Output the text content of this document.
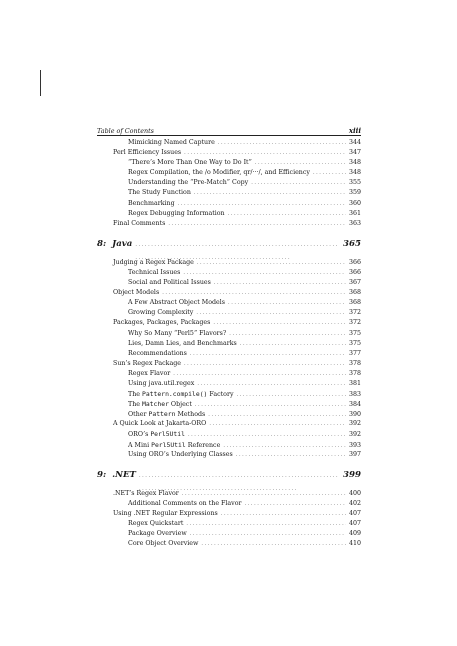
Table of Contents	xiii
Mimicking Named Capture . . .	344
Perl Efficiency Issues . . .	347
“There’s More Than One Way to Do It” . . .	348
Regex Compilation, the /o Modifier, qr/···/, and Efficiency . . .	348
Understanding the “Pre-Match” Copy . . .	355
The Study Function . . .	359
Benchmarking . . .	360
Regex Debugging Information . . .	361
Final Comments . . .	363
8: Java . . .	365
Judging a Regex Package . . .	366
Technical Issues . . .	366
Social and Political Issues . . .	367
Object Models . . .	368
A Few Abstract Object Models . . .	368
Growing Complexity . . .	372
Packages, Packages, Packages . . .	372
Why So Many “Perl5” Flavors? . . .	375
Lies, Damn Lies, and Benchmarks . . .	375
Recommendations . . .	377
Sun’s Regex Package . . .	378
Regex Flavor . . .	378
Using java.util.regex . . .	381
The Pattern.compile() Factory . . .	383
The Matcher Object . . .	384
Other Pattern Methods . . .	390
A Quick Look at Jakarta-ORO . . .	392
ORO’s Perl5Util . . .	392
A Mini Perl5Util Reference . . .	393
Using ORO’s Underlying Classes . . .	397
9: .NET . . .	399
.NET’s Regex Flavor . . .	400
Additional Comments on the Flavor . . .	402
Using .NET Regular Expressions . . .	407
Regex Quickstart . . .	407
Package Overview . . .	409
Core Object Overview . . .	410
